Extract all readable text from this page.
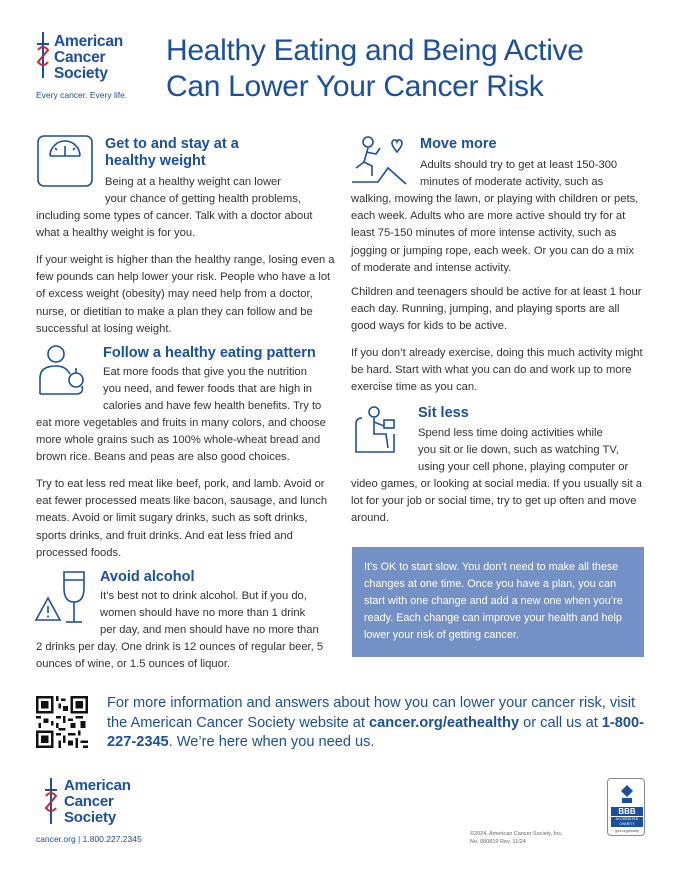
American
Cancer
Society
Every cancer. Every life.
Healthy Eating and Being Active
Can Lower Your Cancer Risk
Get to and stay at a
healthy weight
Being at a healthy weight can lower
your chance of getting health problems,
including some types of cancer. Talk with a doctor about
what a healthy weight is for you.
If your weight is higher than the healthy range, losing even a few pounds can help lower your risk. People who have a lot of excess weight (obesity) may need help from a doctor, nurse, or dietitian to make a plan they can follow and be successful at losing weight.
Follow a healthy eating pattern
Eat more foods that give you the nutrition
you need, and fewer foods that are high in
calories and have few health benefits. Try to
eat more vegetables and fruits in many colors, and choose more whole grains such as 100% whole-wheat bread and brown rice. Beans and peas are also good choices.
Try to eat less red meat like beef, pork, and lamb. Avoid or eat fewer processed meats like bacon, sausage, and lunch meats. Avoid or limit sugary drinks, such as soft drinks, sports drinks, and fruit drinks. And eat less fried and processed foods.
Avoid alcohol
It’s best not to drink alcohol. But if you do,
women should have no more than 1 drink
per day, and men should have no more than
2 drinks per day. One drink is 12 ounces of regular beer, 5 ounces of wine, or 1.5 ounces of liquor.
Move more
Adults should try to get at least 150-300
minutes of moderate activity, such as
walking, mowing the lawn, or playing with children or pets, each week. Adults who are more active should try for at least 75-150 minutes of more intense activity, such as jogging or jumping rope, each week. Or you can do a mix of moderate and intense activity.
Children and teenagers should be active for at least 1 hour each day. Running, jumping, and playing sports are all good ways for kids to be active.
If you don’t already exercise, doing this much activity might be hard. Start with what you can do and work up to more exercise time as you can.
Sit less
Spend less time doing activities while
you sit or lie down, such as watching TV,
using your cell phone, playing computer or
video games, or looking at social media. If you usually sit a lot for your job or social time, try to get up often and move around.
It’s OK to start slow. You don’t need to make all these changes at one time. Once you have a plan, you can start with one change and add a new one when you’re ready. Each change can improve your health and help lower your risk of getting cancer.
For more information and answers about how you can lower your cancer risk, visit the American Cancer Society website at cancer.org/eathealthy or call us at 1-800-227-2345. We’re here when you need us.
American
Cancer
Society
cancer.org | 1.800.227.2345	©2024, American Cancer Society, Inc.
No. 080819 Rev. 11/24
BBB
ACCREDITED CHARITY
give.org/charity
